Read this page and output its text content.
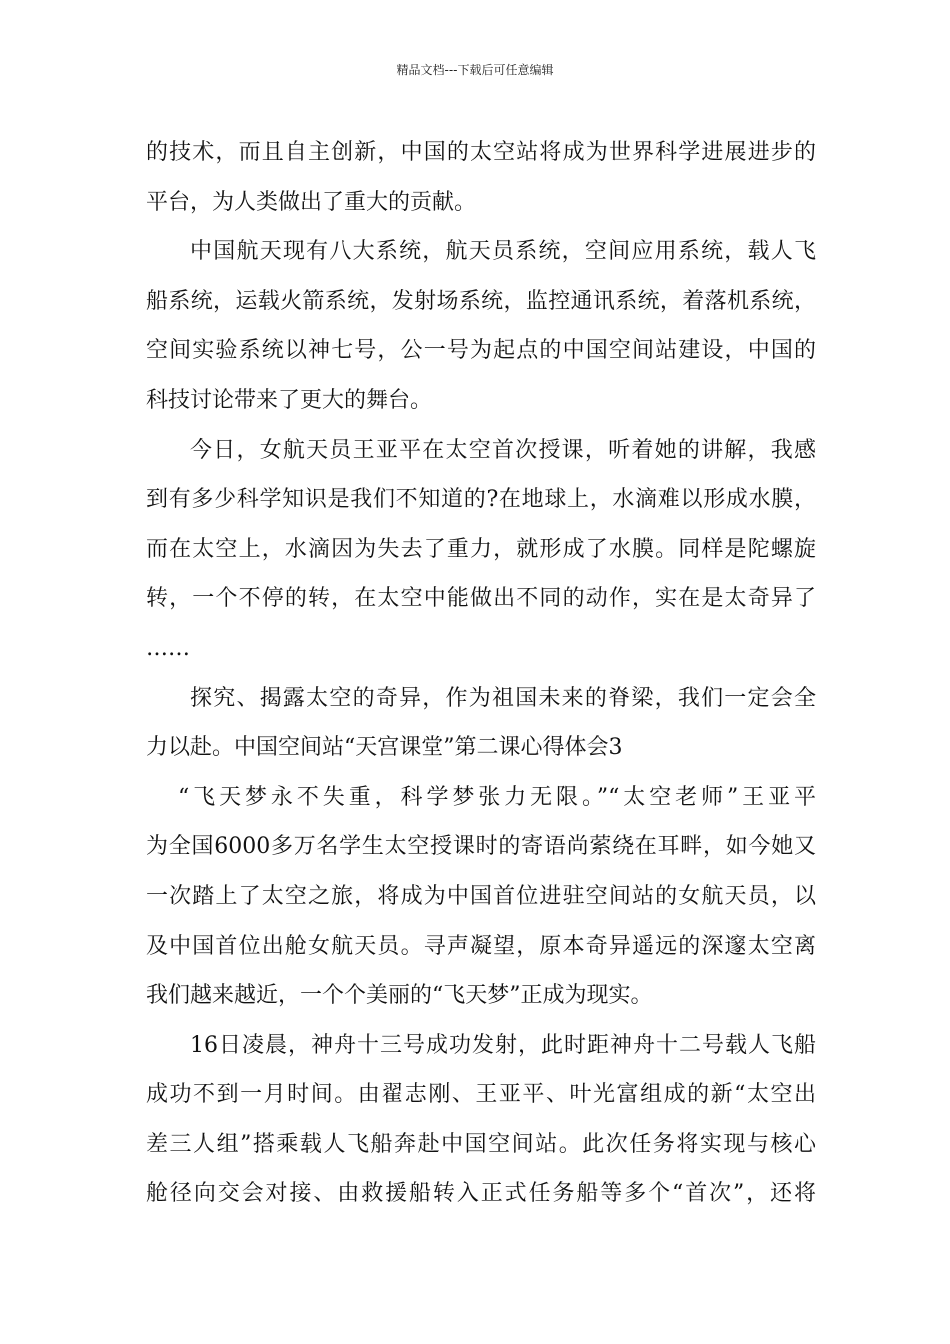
精品文档---下载后可任意编辑
的技术，而且自主创新，中国的太空站将成为世界科学进展进步的
平台，为人类做出了重大的贡献。
中国航天现有八大系统，航天员系统，空间应用系统，载人飞
船系统，运载火箭系统，发射场系统，监控通讯系统，着落机系统，
空间实验系统以神七号，公一号为起点的中国空间站建设，中国的
科技讨论带来了更大的舞台。
今日，女航天员王亚平在太空首次授课，听着她的讲解，我感
到有多少科学知识是我们不知道的?在地球上，水滴难以形成水膜，
而在太空上，水滴因为失去了重力，就形成了水膜。同样是陀螺旋
转，一个不停的转，在太空中能做出不同的动作，实在是太奇异了
……
探究、揭露太空的奇异，作为祖国未来的脊梁，我们一定会全
力以赴。中国空间站“天宫课堂”第二课心得体会3
“飞天梦永不失重，科学梦张力无限。”“太空老师”王亚平
为全国6000多万名学生太空授课时的寄语尚萦绕在耳畔，如今她又
一次踏上了太空之旅，将成为中国首位进驻空间站的女航天员，以
及中国首位出舱女航天员。寻声凝望，原本奇异遥远的深邃太空离
我们越来越近，一个个美丽的“飞天梦”正成为现实。
16日凌晨，神舟十三号成功发射，此时距神舟十二号载人飞船
成功不到一月时间。由翟志刚、王亚平、叶光富组成的新“太空出
差三人组”搭乘载人飞船奔赴中国空间站。此次任务将实现与核心
舱径向交会对接、由救援船转入正式任务船等多个“首次”，还将
